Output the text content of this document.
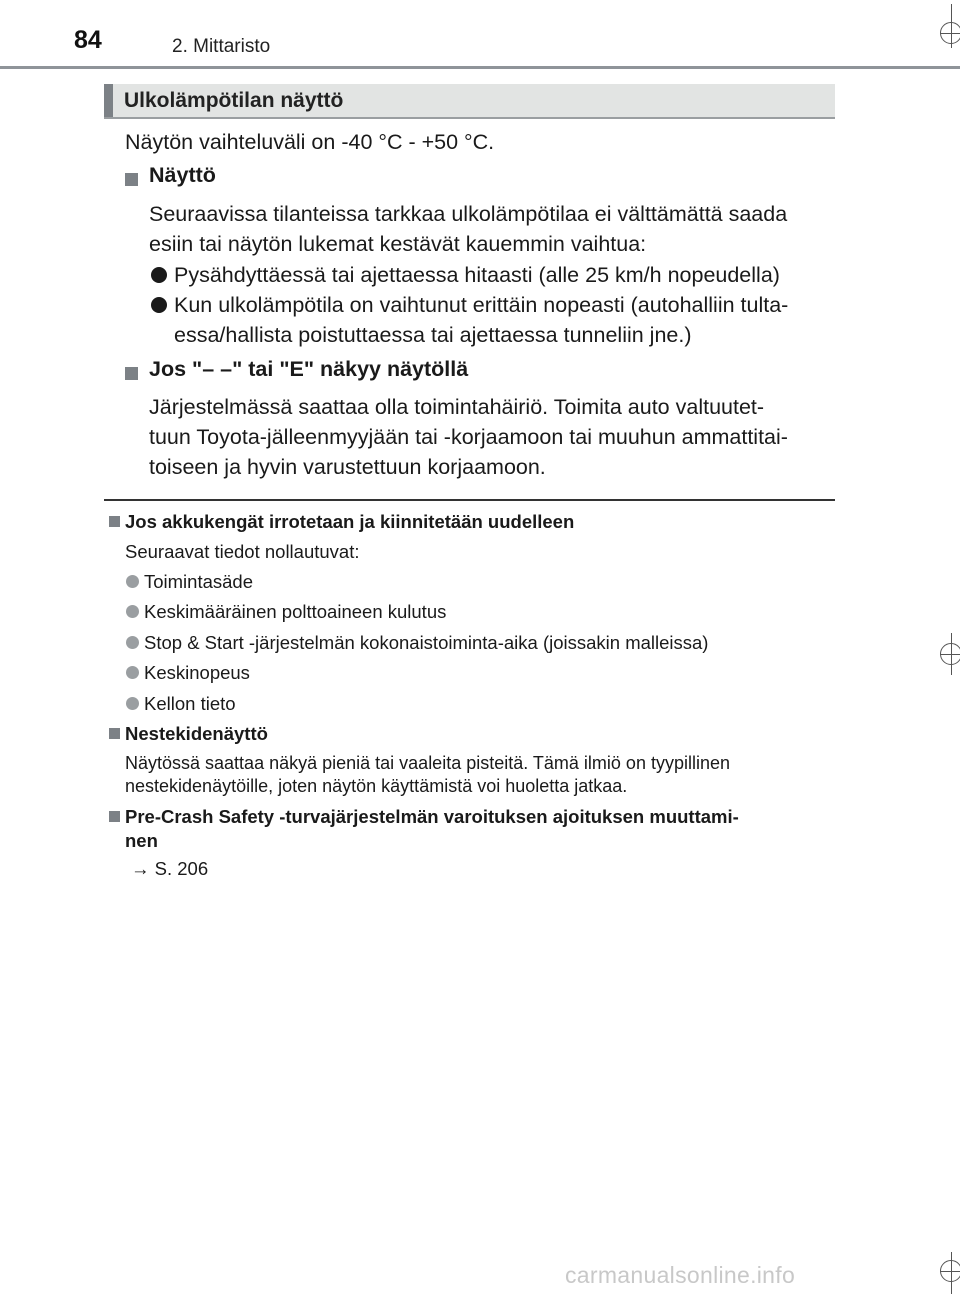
84	2. Mittaristo
Ulkolämpötilan näyttö
Näytön vaihteluväli on -40 °C - +50 °C.
Näyttö
Seuraavissa tilanteissa tarkkaa ulkolämpötilaa ei välttämättä saada
esiin tai näytön lukemat kestävät kauemmin vaihtua:
Pysähdyttäessä tai ajettaessa hitaasti (alle 25 km/h nopeudella)
Kun ulkolämpötila on vaihtunut erittäin nopeasti (autohalliin tulta-
essa/hallista poistuttaessa tai ajettaessa tunneliin jne.)
Jos "– –" tai "E" näkyy näytöllä
Järjestelmässä saattaa olla toimintahäiriö. Toimita auto valtuutet-
tuun Toyota-jälleenmyyjään tai -korjaamoon tai muuhun ammattitai-
toiseen ja hyvin varustettuun korjaamoon.
Jos akkukengät irrotetaan ja kiinnitetään uudelleen
Seuraavat tiedot nollautuvat:
Toimintasäde
Keskimääräinen polttoaineen kulutus
Stop & Start -järjestelmän kokonaistoiminta-aika (joissakin malleissa)
Keskinopeus
Kellon tieto
Nestekidenäyttö
Näytössä saattaa näkyä pieniä tai vaaleita pisteitä. Tämä ilmiö on tyypillinen
nestekidenäytöille, joten näytön käyttämistä voi huoletta jatkaa.
Pre-Crash Safety -turvajärjestelmän varoituksen ajoituksen muuttami-
nen
→ S. 206
carmanualsonline.info
